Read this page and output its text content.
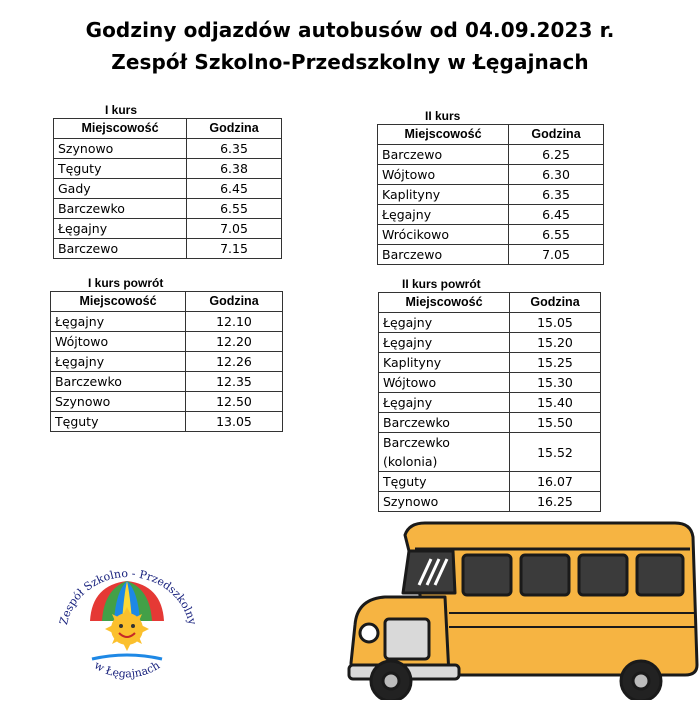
Godziny odjazdów autobusów od 04.09.2023 r.
Zespół Szkolno-Przedszkolny w Łęgajnach
I kurs
Miejscowość	Godzina
Szynowo	6.35
Tęguty	6.38
Gady	6.45
Barczewko	6.55
Łęgajny	7.05
Barczewo	7.15
II kurs
Miejscowość	Godzina
Barczewo	6.25
Wójtowo	6.30
Kaplityny	6.35
Łęgajny	6.45
Wrócikowo	6.55
Barczewo	7.05
I kurs powrót
Miejscowość	Godzina
Łęgajny	12.10
Wójtowo	12.20
Łęgajny	12.26
Barczewko	12.35
Szynowo	12.50
Tęguty	13.05
II kurs powrót
Miejscowość	Godzina
Łęgajny	15.05
Łęgajny	15.20
Kaplityny	15.25
Wójtowo	15.30
Łęgajny	15.40
Barczewko	15.50
Barczewko (kolonia)	15.52
Tęguty	16.07
Szynowo	16.25
Zespół Szkolno - Przedszkolny
w Łęgajnach
